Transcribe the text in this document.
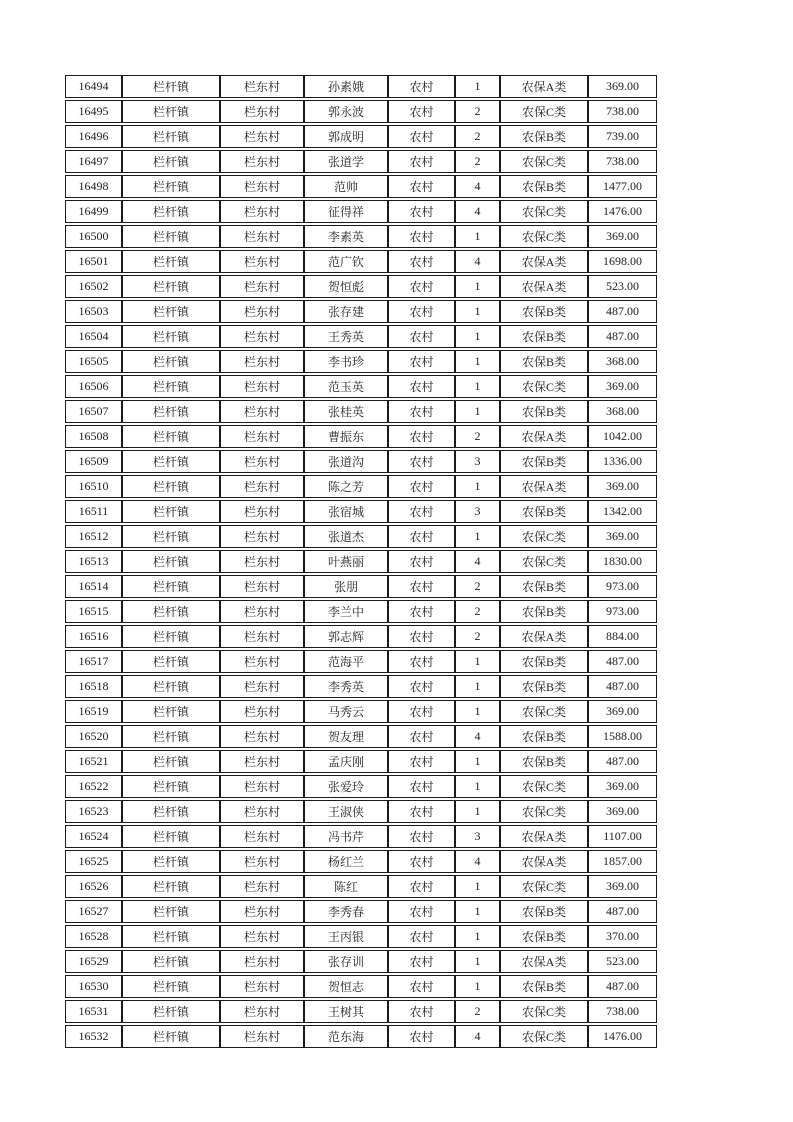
16494	栏杆镇	栏东村	孙素娥	农村	1	农保A类	369.00
16495	栏杆镇	栏东村	郭永波	农村	2	农保C类	738.00
16496	栏杆镇	栏东村	郭成明	农村	2	农保B类	739.00
16497	栏杆镇	栏东村	张道学	农村	2	农保C类	738.00
16498	栏杆镇	栏东村	范帅	农村	4	农保B类	1477.00
16499	栏杆镇	栏东村	征得祥	农村	4	农保C类	1476.00
16500	栏杆镇	栏东村	李素英	农村	1	农保C类	369.00
16501	栏杆镇	栏东村	范广钦	农村	4	农保A类	1698.00
16502	栏杆镇	栏东村	贺恒彪	农村	1	农保A类	523.00
16503	栏杆镇	栏东村	张存建	农村	1	农保B类	487.00
16504	栏杆镇	栏东村	王秀英	农村	1	农保B类	487.00
16505	栏杆镇	栏东村	李书珍	农村	1	农保B类	368.00
16506	栏杆镇	栏东村	范玉英	农村	1	农保C类	369.00
16507	栏杆镇	栏东村	张桂英	农村	1	农保B类	368.00
16508	栏杆镇	栏东村	曹振东	农村	2	农保A类	1042.00
16509	栏杆镇	栏东村	张道沟	农村	3	农保B类	1336.00
16510	栏杆镇	栏东村	陈之芳	农村	1	农保A类	369.00
16511	栏杆镇	栏东村	张宿城	农村	3	农保B类	1342.00
16512	栏杆镇	栏东村	张道杰	农村	1	农保C类	369.00
16513	栏杆镇	栏东村	叶燕丽	农村	4	农保C类	1830.00
16514	栏杆镇	栏东村	张朋	农村	2	农保B类	973.00
16515	栏杆镇	栏东村	李兰中	农村	2	农保B类	973.00
16516	栏杆镇	栏东村	郭志辉	农村	2	农保A类	884.00
16517	栏杆镇	栏东村	范海平	农村	1	农保B类	487.00
16518	栏杆镇	栏东村	李秀英	农村	1	农保B类	487.00
16519	栏杆镇	栏东村	马秀云	农村	1	农保C类	369.00
16520	栏杆镇	栏东村	贺友理	农村	4	农保B类	1588.00
16521	栏杆镇	栏东村	孟庆刚	农村	1	农保B类	487.00
16522	栏杆镇	栏东村	张爱玲	农村	1	农保C类	369.00
16523	栏杆镇	栏东村	王淑侠	农村	1	农保C类	369.00
16524	栏杆镇	栏东村	冯书芹	农村	3	农保A类	1107.00
16525	栏杆镇	栏东村	杨红兰	农村	4	农保A类	1857.00
16526	栏杆镇	栏东村	陈红	农村	1	农保C类	369.00
16527	栏杆镇	栏东村	李秀春	农村	1	农保B类	487.00
16528	栏杆镇	栏东村	王丙银	农村	1	农保B类	370.00
16529	栏杆镇	栏东村	张存训	农村	1	农保A类	523.00
16530	栏杆镇	栏东村	贺恒志	农村	1	农保B类	487.00
16531	栏杆镇	栏东村	王树其	农村	2	农保C类	738.00
16532	栏杆镇	栏东村	范东海	农村	4	农保C类	1476.00
